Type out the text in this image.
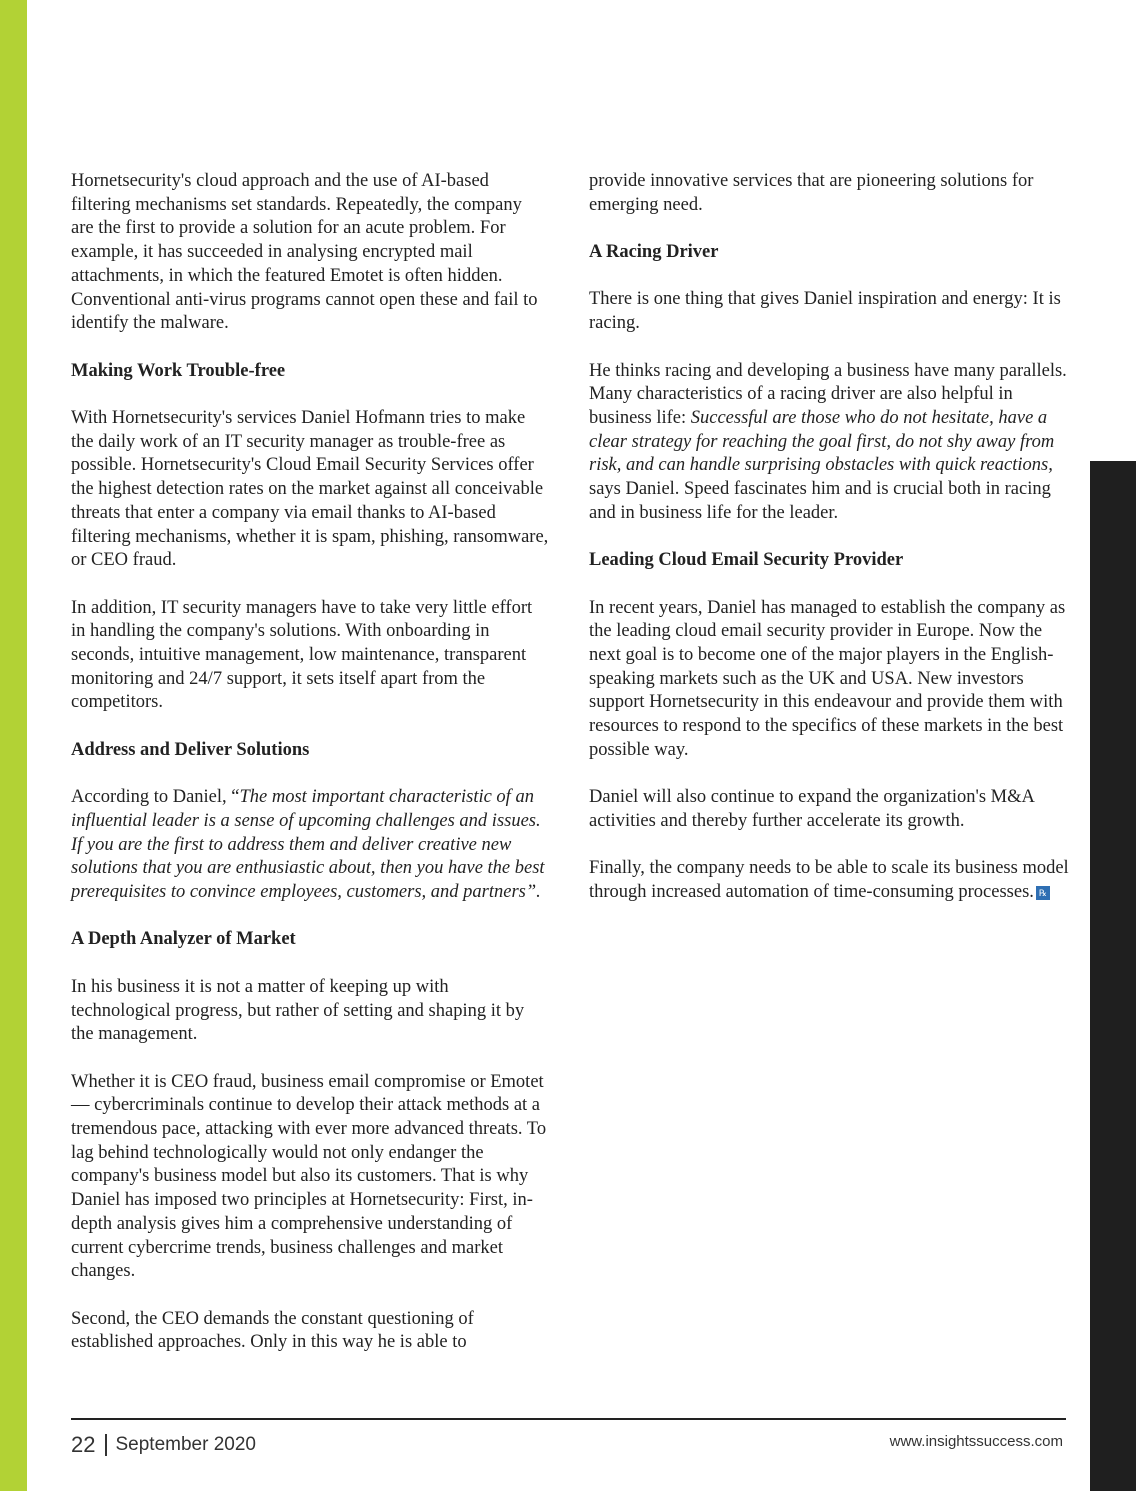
Hornetsecurity's cloud approach and the use of AI-based filtering mechanisms set standards. Repeatedly, the company are the first to provide a solution for an acute problem. For example, it has succeeded in analysing encrypted mail attachments, in which the featured Emotet is often hidden. Conventional anti-virus programs cannot open these and fail to identify the malware.

Making Work Trouble-free

With Hornetsecurity's services Daniel Hofmann tries to make the daily work of an IT security manager as trouble-free as possible. Hornetsecurity's Cloud Email Security Services offer the highest detection rates on the market against all conceivable threats that enter a company via email thanks to AI-based filtering mechanisms, whether it is spam, phishing, ransomware, or CEO fraud.

In addition, IT security managers have to take very little effort in handling the company's solutions. With onboarding in seconds, intuitive management, low maintenance, transparent monitoring and 24/7 support, it sets itself apart from the competitors.

Address and Deliver Solutions

According to Daniel, “The most important characteristic of an influential leader is a sense of upcoming challenges and issues. If you are the first to address them and deliver creative new solutions that you are enthusiastic about, then you have the best prerequisites to convince employees, customers, and partners”.

A Depth Analyzer of Market

In his business it is not a matter of keeping up with technological progress, but rather of setting and shaping it by the management.

Whether it is CEO fraud, business email compromise or Emotet — cybercriminals continue to develop their attack methods at a tremendous pace, attacking with ever more advanced threats. To lag behind technologically would not only endanger the company's business model but also its customers. That is why Daniel has imposed two principles at Hornetsecurity: First, in-depth analysis gives him a comprehensive understanding of current cybercrime trends, business challenges and market changes.

Second, the CEO demands the constant questioning of established approaches. Only in this way he is able to

provide innovative services that are pioneering solutions for emerging need.

A Racing Driver

There is one thing that gives Daniel inspiration and energy: It is racing.

He thinks racing and developing a business have many parallels. Many characteristics of a racing driver are also helpful in business life: Successful are those who do not hesitate, have a clear strategy for reaching the goal first, do not shy away from risk, and can handle surprising obstacles with quick reactions, says Daniel. Speed fascinates him and is crucial both in racing and in business life for the leader.

Leading Cloud Email Security Provider

In recent years, Daniel has managed to establish the company as the leading cloud email security provider in Europe. Now the next goal is to become one of the major players in the English-speaking markets such as the UK and USA. New investors support Hornetsecurity in this endeavour and provide them with resources to respond to the specifics of these markets in the best possible way.

Daniel will also continue to expand the organization's M&A activities and thereby further accelerate its growth.

Finally, the company needs to be able to scale its business model through increased automation of time-consuming processes. ℞

22 September 2020	www.insightssuccess.com
